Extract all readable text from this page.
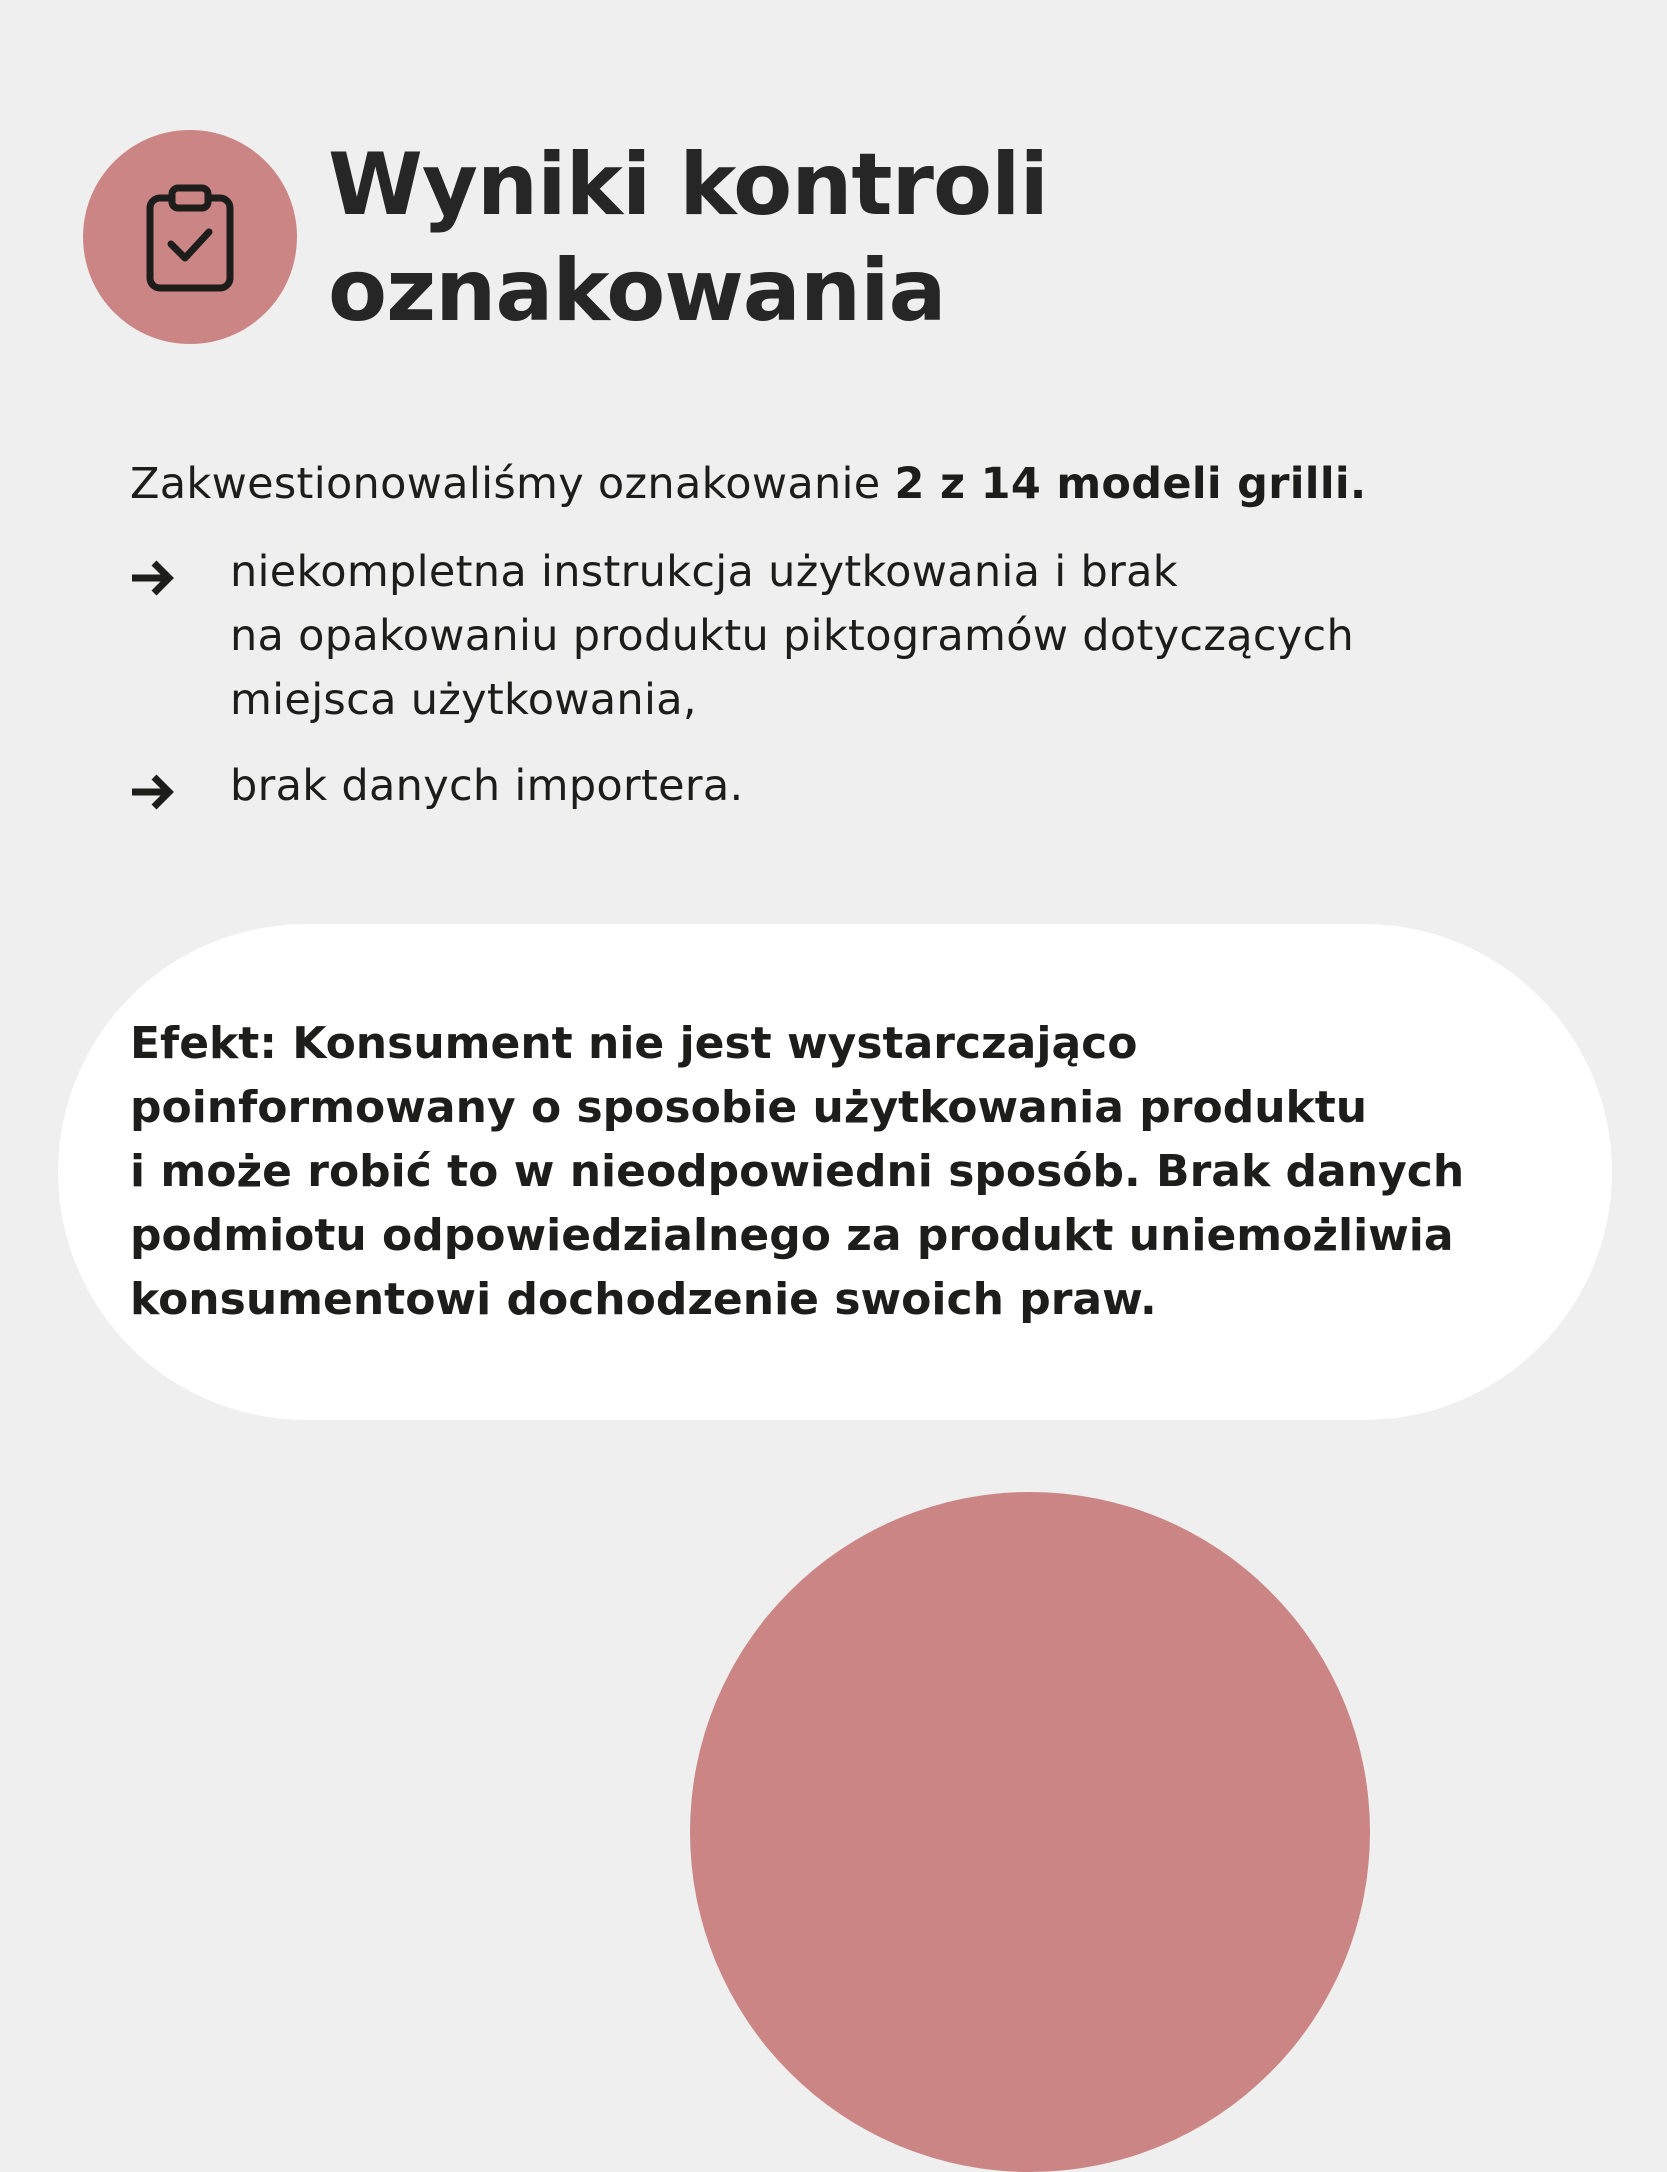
Wyniki kontroli
oznakowania
Zakwestionowaliśmy oznakowanie 2 z 14 modeli grilli.
niekompletna instrukcja użytkowania i brak
na opakowaniu produktu piktogramów dotyczących
miejsca użytkowania,
brak danych importera.
Efekt: Konsument nie jest wystarczająco
poinformowany o sposobie użytkowania produktu
i może robić to w nieodpowiedni sposób. Brak danych
podmiotu odpowiedzialnego za produkt uniemożliwia
konsumentowi dochodzenie swoich praw.
